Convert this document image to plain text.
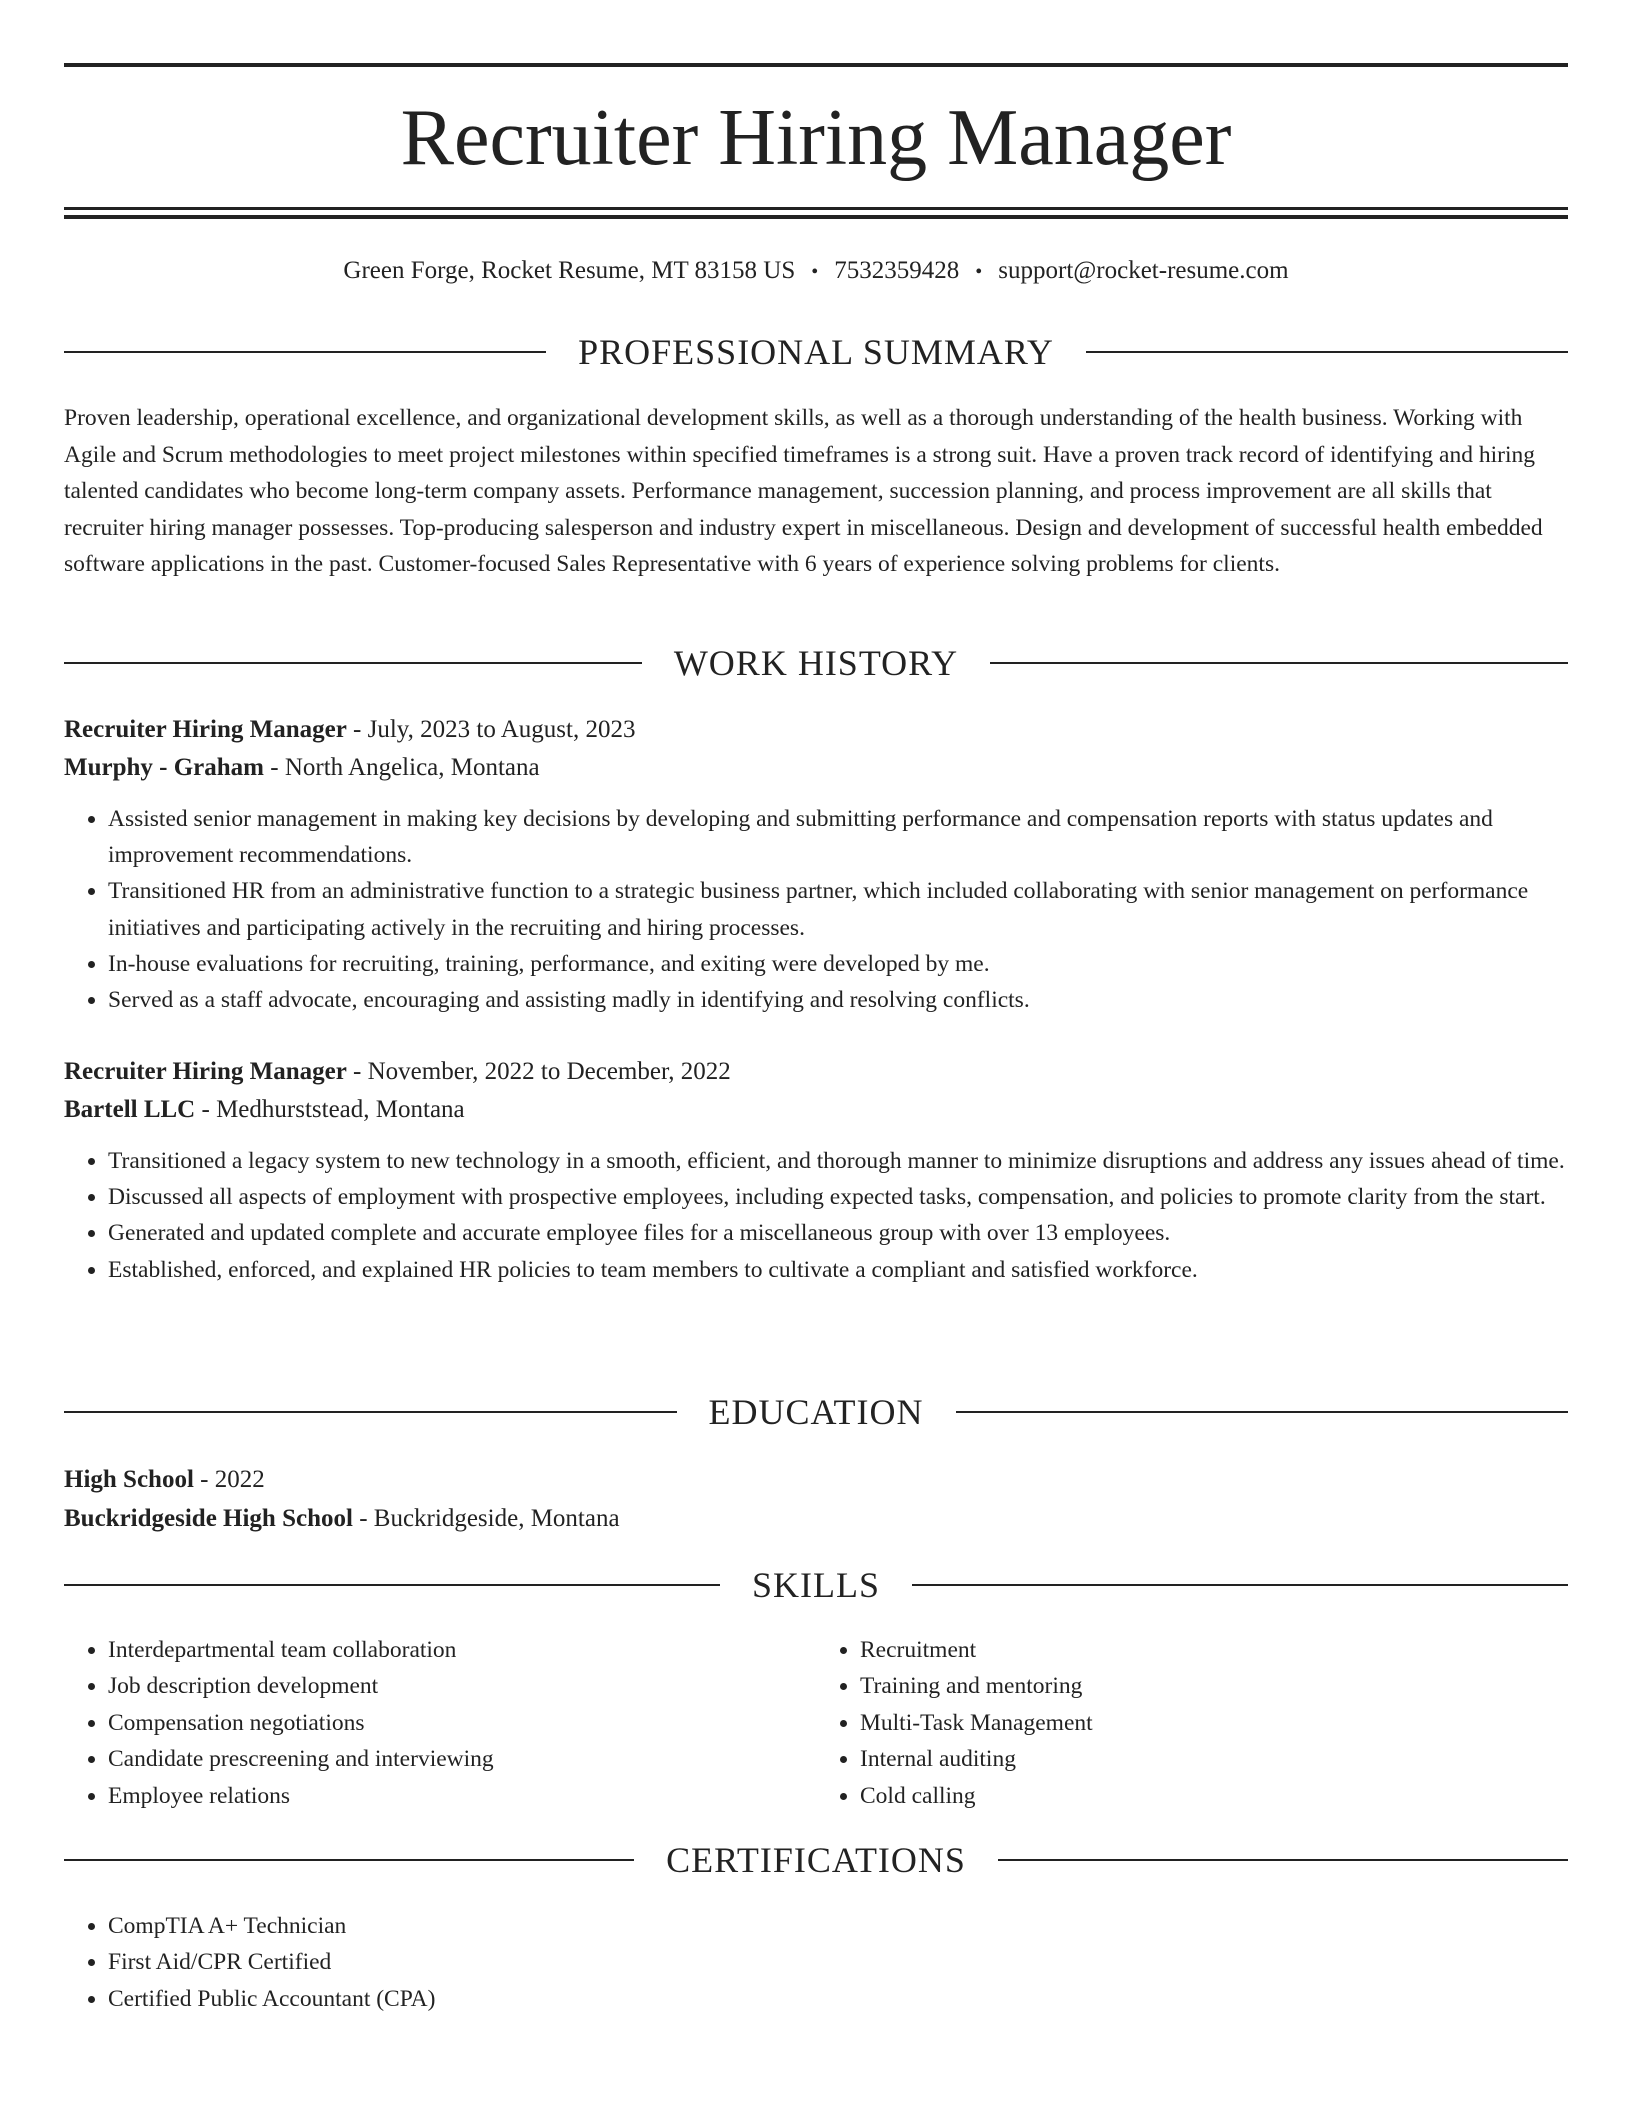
Recruiter Hiring Manager
Green Forge, Rocket Resume, MT 83158 US • 7532359428 • support@rocket-resume.com
PROFESSIONAL SUMMARY

Proven leadership, operational excellence, and organizational development skills, as well as a thorough understanding of the health business. Working with Agile and Scrum methodologies to meet project milestones within specified timeframes is a strong suit. Have a proven track record of identifying and hiring talented candidates who become long-term company assets. Performance management, succession planning, and process improvement are all skills that recruiter hiring manager possesses. Top-producing salesperson and industry expert in miscellaneous. Design and development of successful health embedded software applications in the past. Customer-focused Sales Representative with 6 years of experience solving problems for clients.

WORK HISTORY
Recruiter Hiring Manager - July, 2023 to August, 2023
Murphy - Graham - North Angelica, Montana
• Assisted senior management in making key decisions by developing and submitting performance and compensation reports with status updates and improvement recommendations.
• Transitioned HR from an administrative function to a strategic business partner, which included collaborating with senior management on performance initiatives and participating actively in the recruiting and hiring processes.
• In-house evaluations for recruiting, training, performance, and exiting were developed by me.
• Served as a staff advocate, encouraging and assisting madly in identifying and resolving conflicts.
Recruiter Hiring Manager - November, 2022 to December, 2022
Bartell LLC - Medhurststead, Montana
• Transitioned a legacy system to new technology in a smooth, efficient, and thorough manner to minimize disruptions and address any issues ahead of time.
• Discussed all aspects of employment with prospective employees, including expected tasks, compensation, and policies to promote clarity from the start.
• Generated and updated complete and accurate employee files for a miscellaneous group with over 13 employees.
• Established, enforced, and explained HR policies to team members to cultivate a compliant and satisfied workforce.
EDUCATION
High School - 2022
Buckridgeside High School - Buckridgeside, Montana
SKILLS
• Interdepartmental team collaboration
• Job description development
• Compensation negotiations
• Candidate prescreening and interviewing
• Employee relations
• Recruitment
• Training and mentoring
• Multi-Task Management
• Internal auditing
• Cold calling
CERTIFICATIONS
• CompTIA A+ Technician
• First Aid/CPR Certified
• Certified Public Accountant (CPA)
